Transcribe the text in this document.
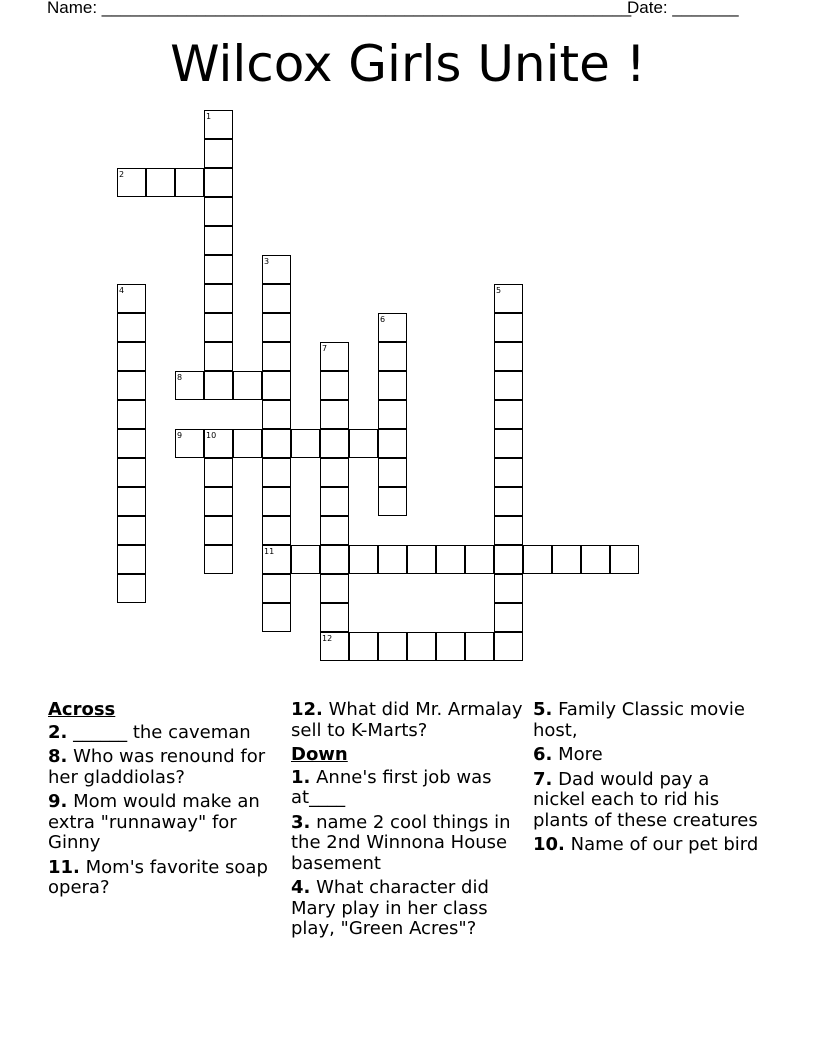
Name: ________________________________________________________
Date: _______
Wilcox Girls Unite !
1
2
3
4	5
6
7
8
9	10
11
12
Across
2. ______ the caveman
8. Who was renound for her gladdiolas?
9. Mom would make an extra "runnaway" for Ginny
11. Mom's favorite soap opera?
12. What did Mr. Armalay sell to K-Marts?
Down
1. Anne's first job was at____
3. name 2 cool things in the 2nd Winnona House basement
4. What character did Mary play in her class play, "Green Acres"?
5. Family Classic movie host,
6. More
7. Dad would pay a nickel each to rid his plants of these creatures
10. Name of our pet bird
